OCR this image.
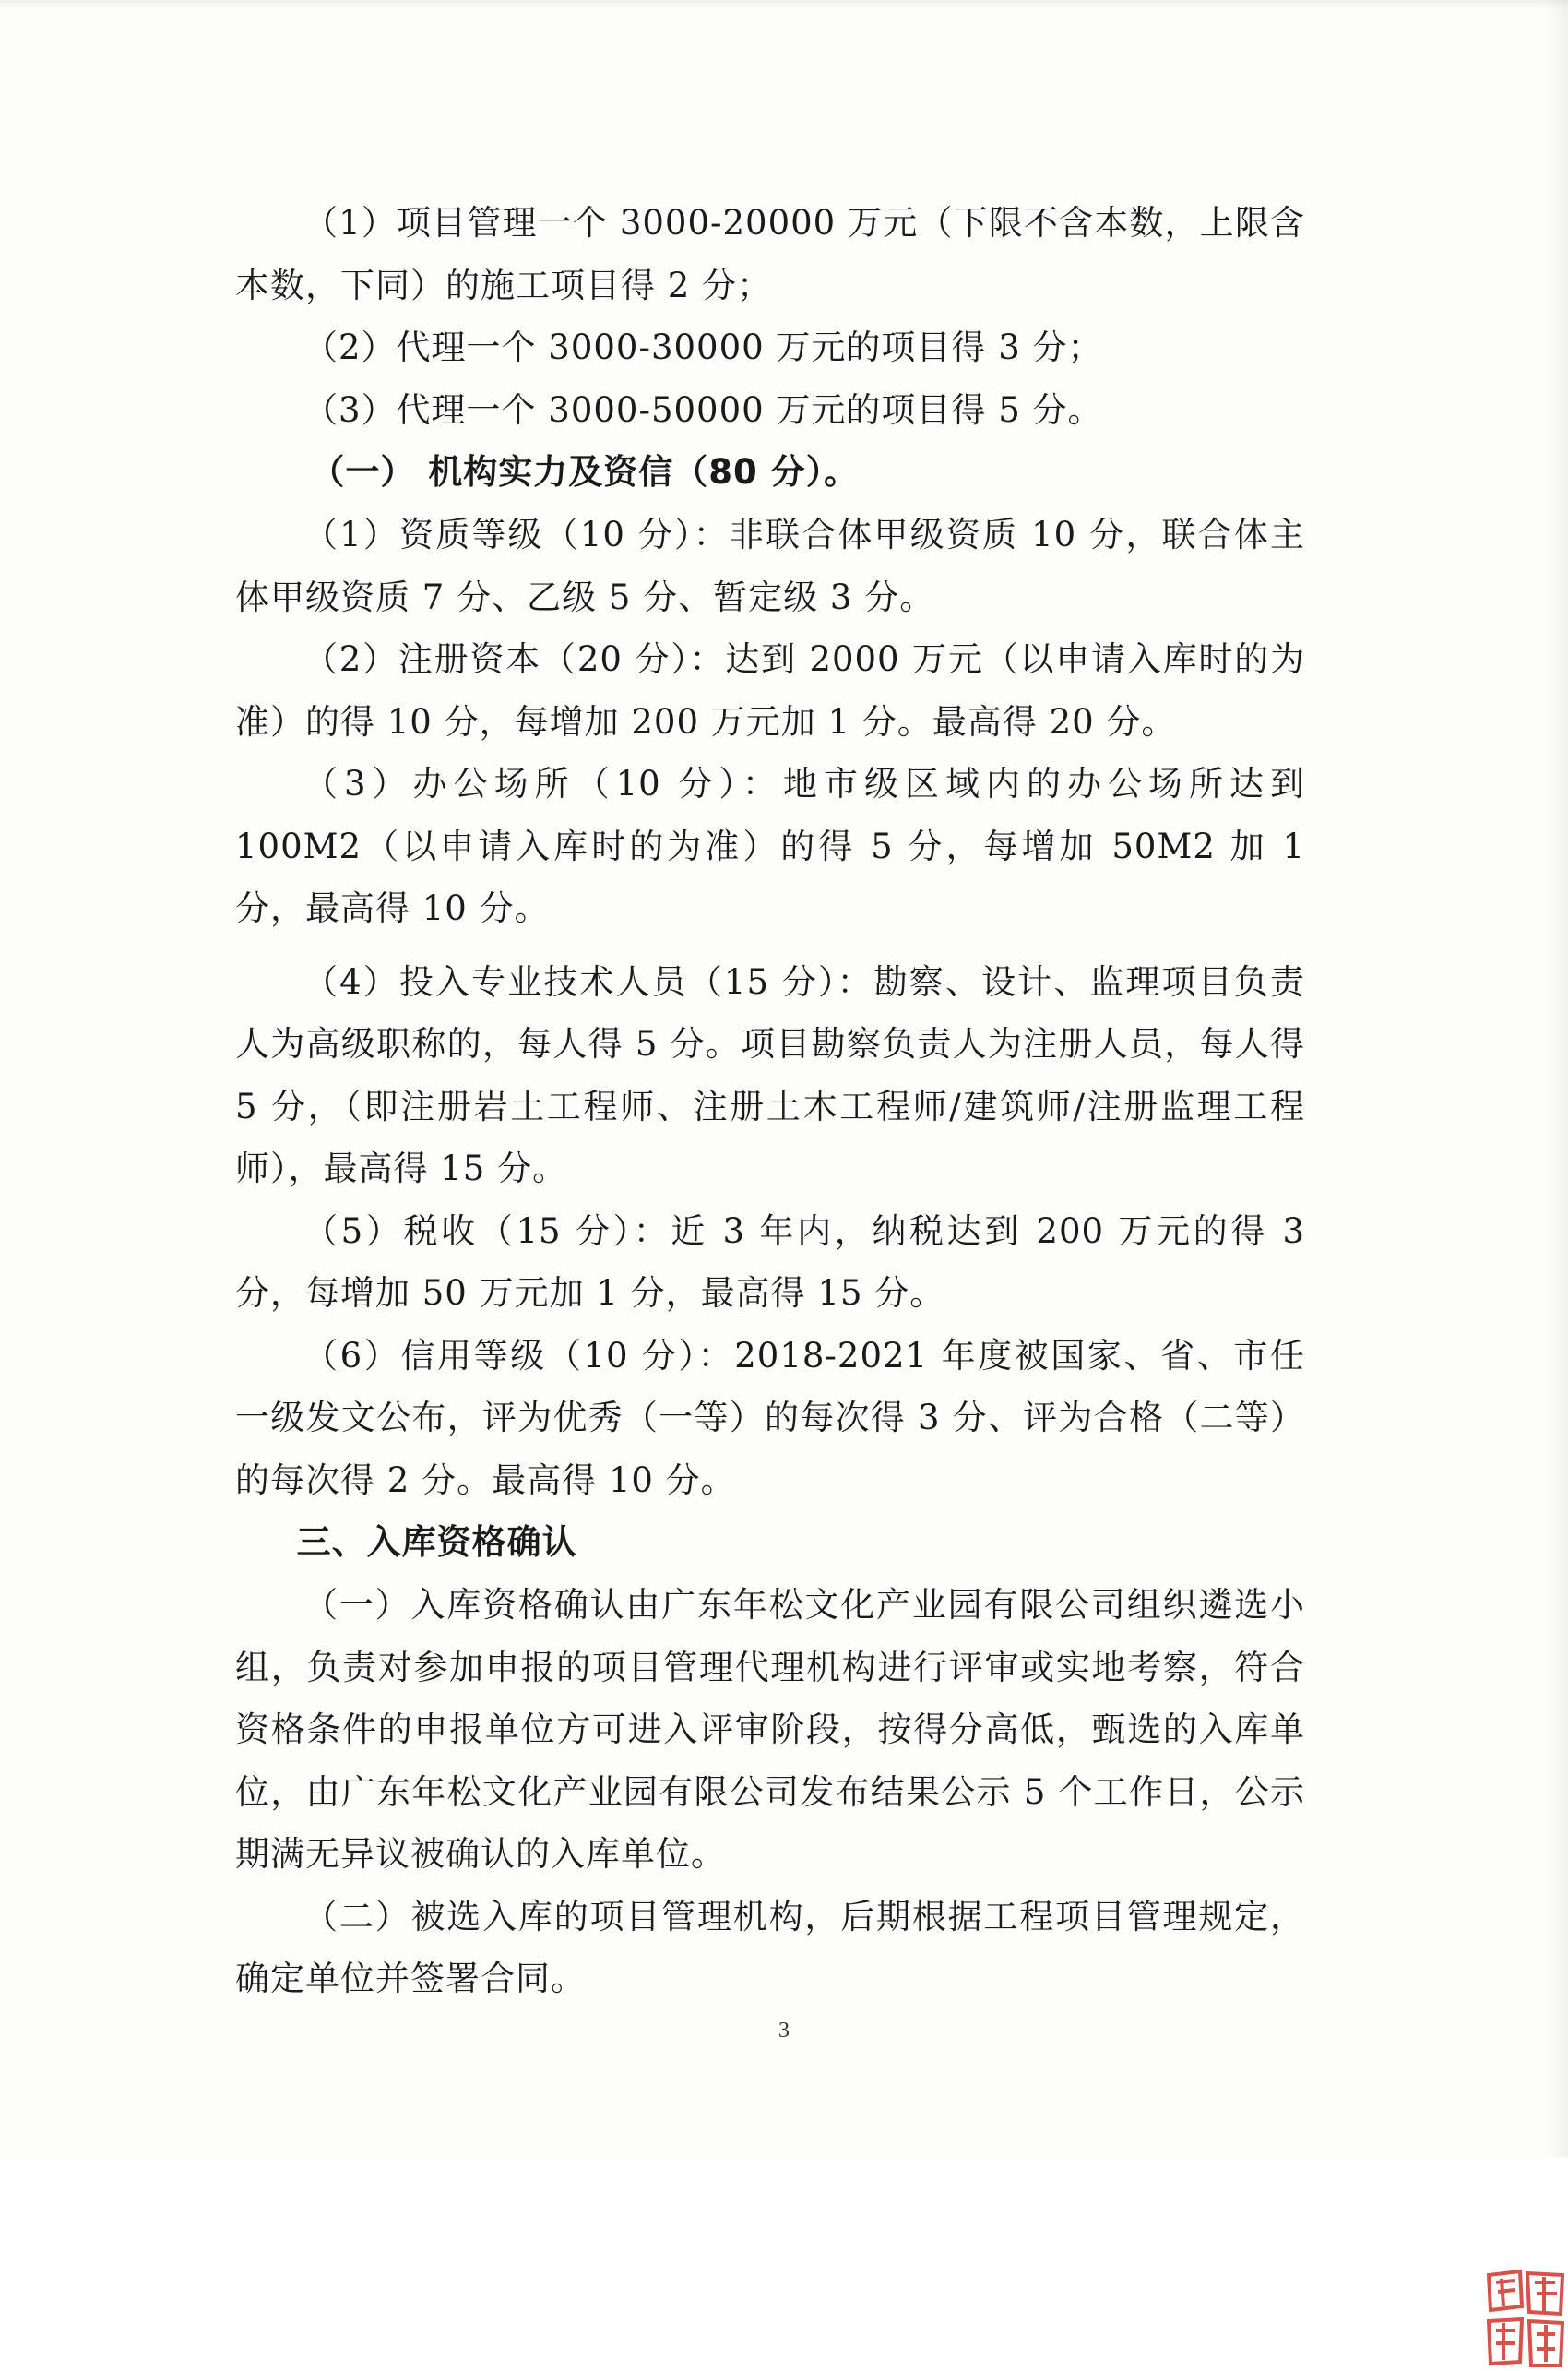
（1）项目管理一个 3000-20000 万元（下限不含本数，上限含本数，下同）的施工项目得 2 分；

（2）代理一个 3000-30000 万元的项目得 3 分；

（3）代理一个 3000-50000 万元的项目得 5 分。

（一） 机构实力及资信（80 分）。

（1）资质等级（10 分）：非联合体甲级资质 10 分，联合体主体甲级资质 7 分、乙级 5 分、暂定级 3 分。

（2）注册资本（20 分）：达到 2000 万元（以申请入库时的为准）的得 10 分，每增加 200 万元加 1 分。最高得 20 分。

（3）办公场所（10 分）：地市级区域内的办公场所达到 100M2（以申请入库时的为准）的得 5 分，每增加 50M2 加 1 分，最高得 10 分。

（4）投入专业技术人员（15 分）：勘察、设计、监理项目负责人为高级职称的，每人得 5 分。项目勘察负责人为注册人员，每人得 5 分，（即注册岩土工程师、注册土木工程师/建筑师/注册监理工程师），最高得 15 分。

（5）税收（15 分）：近 3 年内，纳税达到 200 万元的得 3 分，每增加 50 万元加 1 分，最高得 15 分。

（6）信用等级（10 分）：2018-2021 年度被国家、省、市任一级发文公布，评为优秀（一等）的每次得 3 分、评为合格（二等）的每次得 2 分。最高得 10 分。

三、入库资格确认

（一）入库资格确认由广东年松文化产业园有限公司组织遴选小组，负责对参加申报的项目管理代理机构进行评审或实地考察，符合资格条件的申报单位方可进入评审阶段，按得分高低，甄选的入库单位，由广东年松文化产业园有限公司发布结果公示 5 个工作日，公示期满无异议被确认的入库单位。

（二）被选入库的项目管理机构，后期根据工程项目管理规定，确定单位并签署合同。

3
